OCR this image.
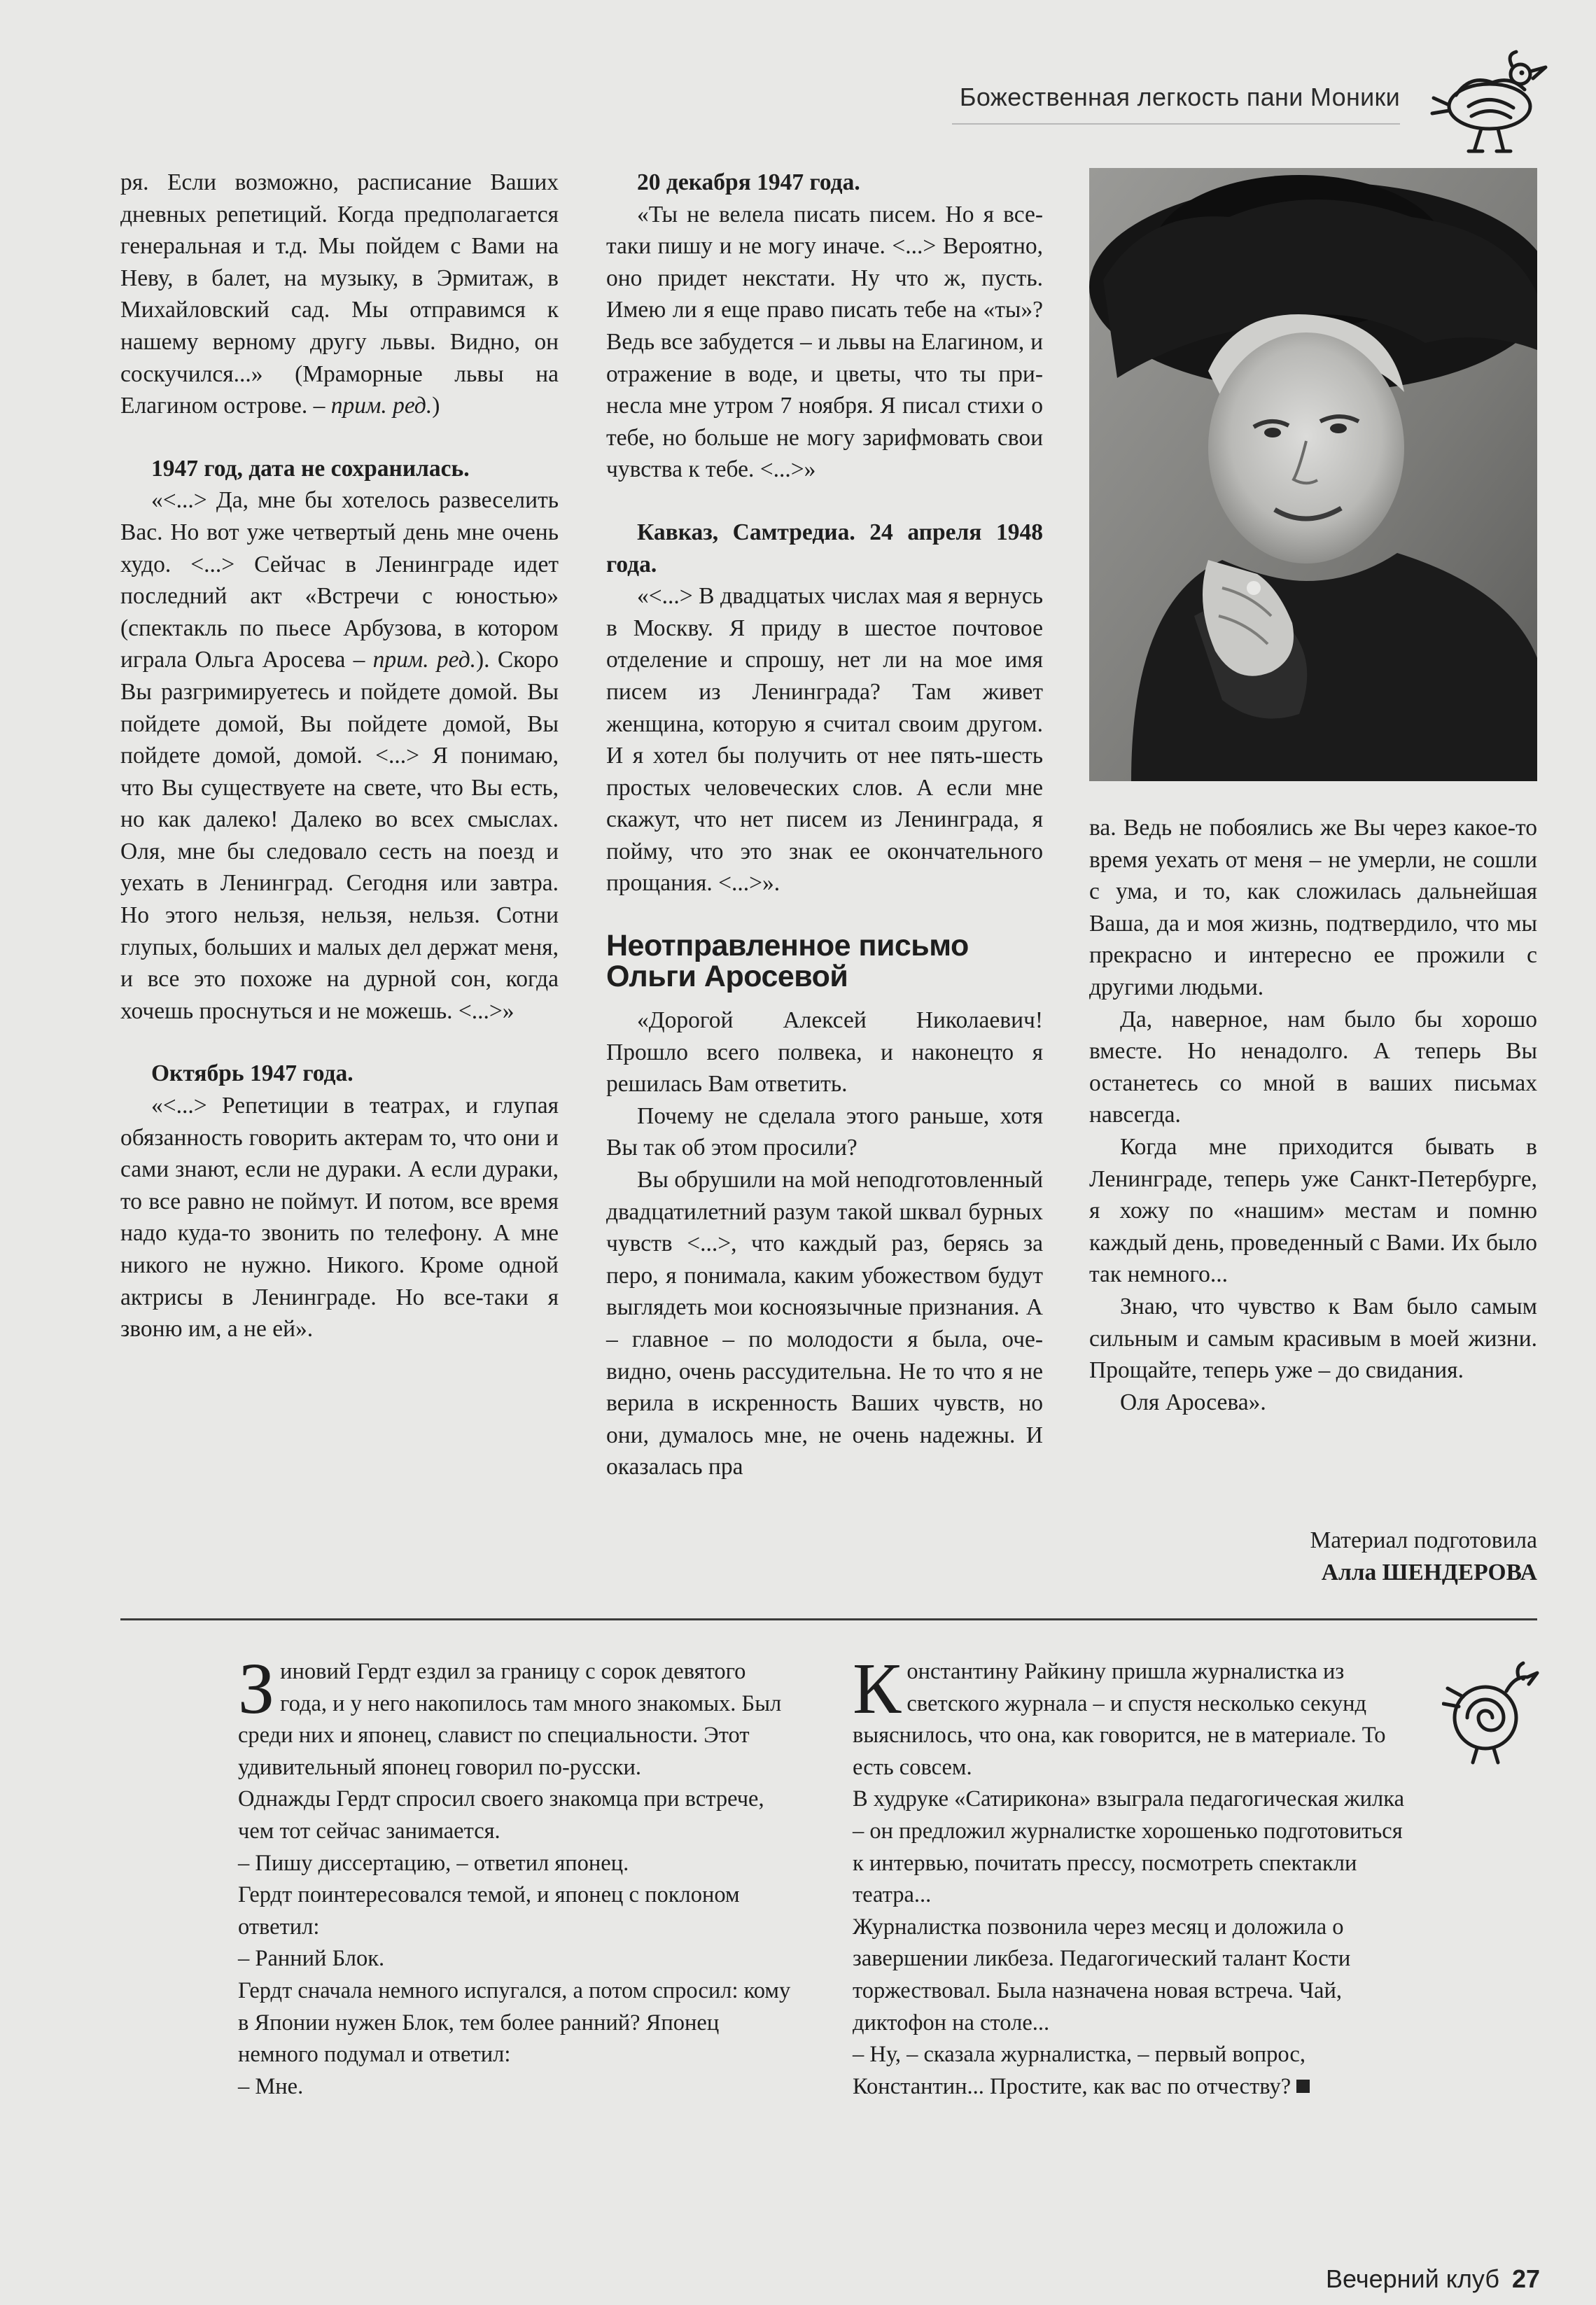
Божественная легкость пани Моники

ря. Если возможно, расписание Ваших дневных репетиций. Когда предполагается генеральная и т.д. Мы пойдем с Вами на Неву, в балет, на музыку, в Эрмитаж, в Михайловский сад. Мы отправимся к нашему верному другу львы. Видно, он соскучился...» (Мраморные львы на Елагином острове. – прим. ред.)

1947 год, дата не сохранилась.

«<...> Да, мне бы хотелось развеселить Вас. Но вот уже четвертый день мне очень худо. <...> Сейчас в Ленинграде идет последний акт «Встречи с юностью» (спектакль по пьесе Арбузова, в котором играла Ольга Аросева – прим. ред.). Скоро Вы разгримируетесь и пойдете домой. Вы пойдете домой, Вы пойдете домой, Вы пойдете домой, домой. <...> Я понимаю, что Вы существуете на свете, что Вы есть, но как далеко! Далеко во всех смыслах. Оля, мне бы следовало сесть на поезд и уехать в Ленинград. Сегодня или завтра. Но этого нельзя, нельзя, нельзя. Сотни глупых, больших и малых дел держат меня, и все это похоже на дурной сон, когда хочешь проснуться и не можешь. <...>»

Октябрь 1947 года.

«<...> Репетиции в театрах, и глупая обязанность говорить актерам то, что они и сами знают, если не дураки. А если дураки, то все равно не поймут. И потом, все время надо куда-то звонить по телефону. А мне никого не нужно. Никого. Кроме одной актрисы в Ленинграде. Но все-таки я звоню им, а не ей».

20 декабря 1947 года.

«Ты не велела писать писем. Но я все-таки пишу и не могу иначе. <...> Вероятно, оно придет некстати. Ну что ж, пусть. Имею ли я еще право писать тебе на «ты»? Ведь все забудется – и львы на Елагином, и отражение в воде, и цветы, что ты принесла мне утром 7 ноября. Я писал стихи о тебе, но больше не могу зарифмовать свои чувства к тебе. <...>»

Кавказ, Самтредиа. 24 апреля 1948 года.

«<...> В двадцатых числах мая я вернусь в Москву. Я приду в шестое почтовое отделение и спрошу, нет ли на мое имя писем из Ленинграда? Там живет женщина, которую я считал своим другом. И я хотел бы получить от нее пять-шесть простых человеческих слов. А если мне скажут, что нет писем из Ленинграда, я пойму, что это знак ее окончательного прощания. <...>».

Неотправленное письмо Ольги Аросевой

«Дорогой Алексей Николаевич! Прошло всего полвека, и наконецто я решилась Вам ответить.

Почему не сделала этого раньше, хотя Вы так об этом просили?

Вы обрушили на мой неподготовленный двадцатилетний разум такой шквал бурных чувств <...>, что каждый раз, берясь за перо, я понимала, каким убожеством будут выглядеть мои косноязычные признания. А – главное – по молодости я была, очевидно, очень рассудительна. Не то что я не верила в искренность Ваших чувств, но они, думалось мне, не очень надежны. И оказалась пра

ва. Ведь не побоялись же Вы через какое-то время уехать от меня – не умерли, не сошли с ума, и то, как сложилась дальнейшая Ваша, да и моя жизнь, подтвердило, что мы прекрасно и интересно ее прожили с другими людьми.

Да, наверное, нам было бы хорошо вместе. Но ненадолго. А теперь Вы останетесь со мной в ваших письмах навсегда.

Когда мне приходится бывать в Ленинграде, теперь уже Санкт-Петербурге, я хожу по «нашим» местам и помню каждый день, проведенный с Вами. Их было так немного...

Знаю, что чувство к Вам было самым сильным и самым красивым в моей жизни. Прощайте, теперь уже – до свидания.

Оля Аросева».

Материал подготовила
Алла ШЕНДЕРОВА

Зиновий Гердт ездил за границу с сорок девятого года, и у него накопилось там много знакомых. Был среди них и японец, славист по специальности. Этот удивительный японец говорил по-русски.

Однажды Гердт спросил своего знакомца при встрече, чем тот сейчас занимается.

– Пишу диссертацию, – ответил японец.

Гердт поинтересовался темой, и японец с поклоном ответил:

– Ранний Блок.

Гердт сначала немного испугался, а потом спросил: кому в Японии нужен Блок, тем более ранний? Японец немного подумал и ответил:

– Мне.

Константину Райкину пришла журналистка из светского журнала – и спустя несколько секунд выяснилось, что она, как говорится, не в материале. То есть совсем.

В худруке «Сатирикона» взыграла педагогическая жилка – он предложил журналистке хорошенько подготовиться к интервью, почитать прессу, посмотреть спектакли театра...

Журналистка позвонила через месяц и доложила о завершении ликбеза. Педагогический талант Кости торжествовал. Была назначена новая встреча. Чай, диктофон на столе...

– Ну, – сказала журналистка, – первый вопрос, Константин... Простите, как вас по отчеству?

Вечерний клуб 27
